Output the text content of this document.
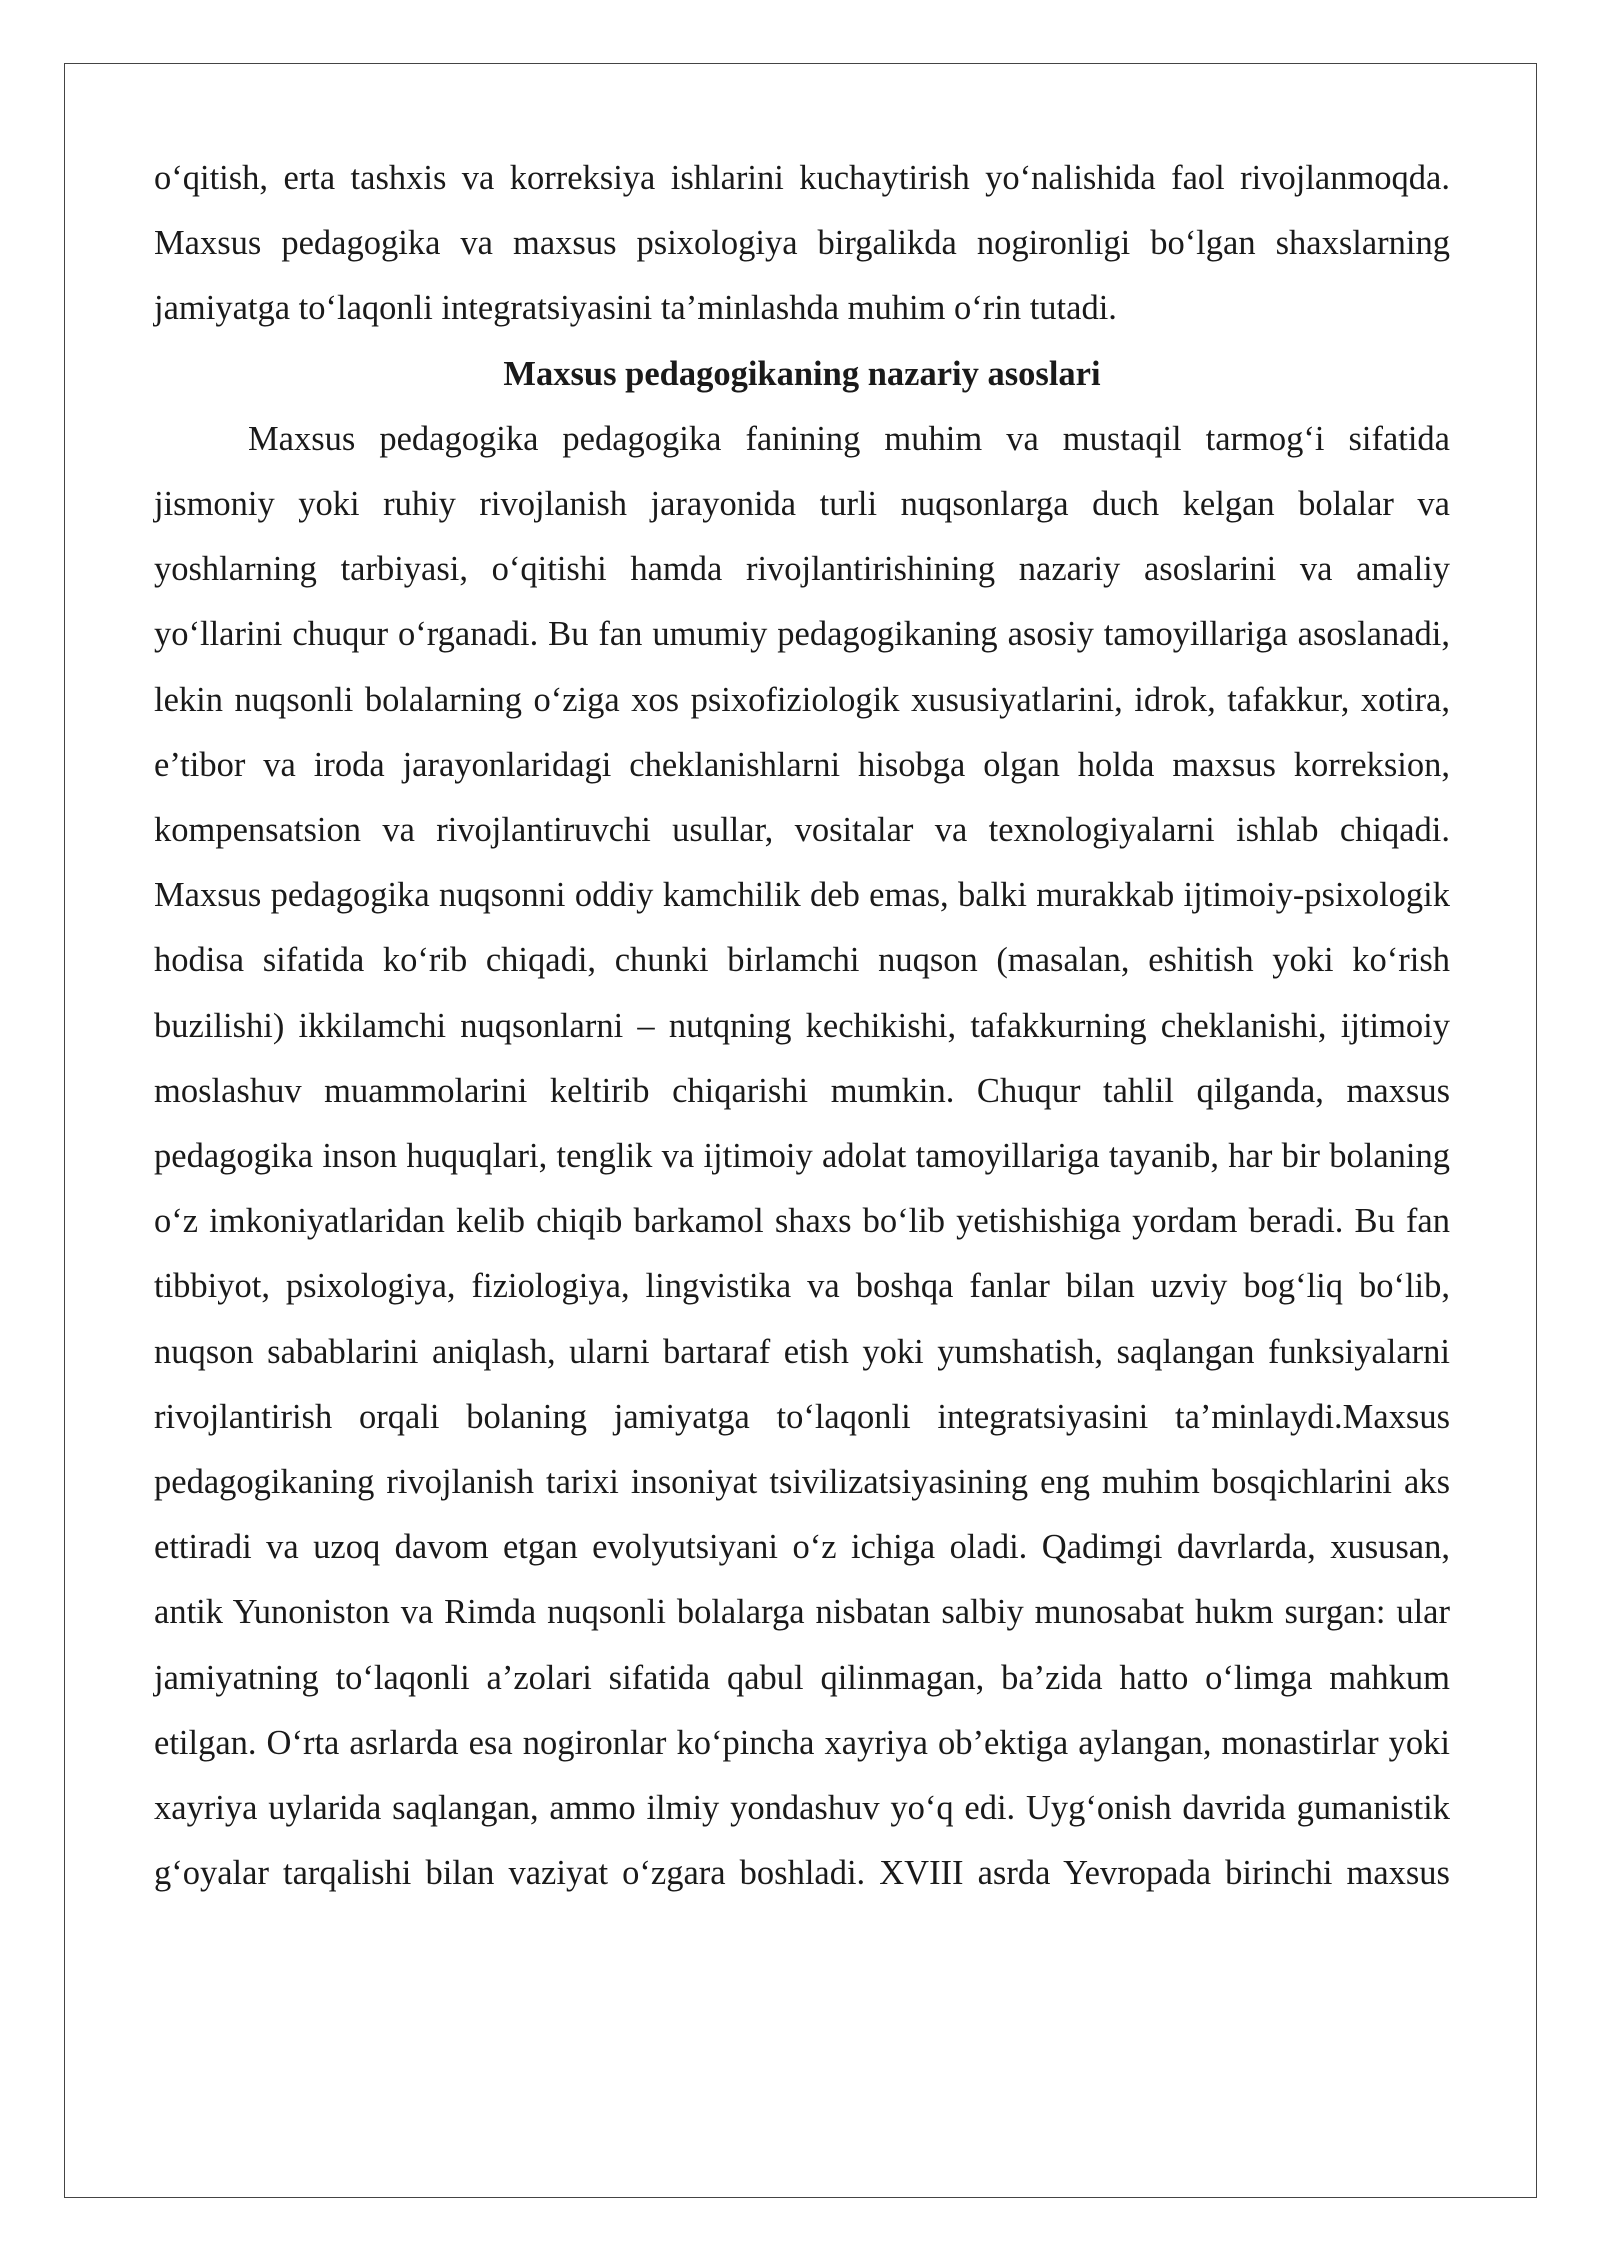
o‘qitish, erta tashxis va korreksiya ishlarini kuchaytirish yo‘nalishida faol rivojlanmoqda. Maxsus pedagogika va maxsus psixologiya birgalikda nogironligi bo‘lgan shaxslarning jamiyatga to‘laqonli integratsiyasini ta’minlashda muhim o‘rin tutadi.

Maxsus pedagogikaning nazariy asoslari

Maxsus pedagogika pedagogika fanining muhim va mustaqil tarmog‘i sifatida jismoniy yoki ruhiy rivojlanish jarayonida turli nuqsonlarga duch kelgan bolalar va yoshlarning tarbiyasi, o‘qitishi hamda rivojlantirishining nazariy asoslarini va amaliy yo‘llarini chuqur o‘rganadi. Bu fan umumiy pedagogikaning asosiy tamoyillariga asoslanadi, lekin nuqsonli bolalarning o‘ziga xos psixofiziologik xususiyatlarini, idrok, tafakkur, xotira, e’tibor va iroda jarayonlaridagi cheklanishlarni hisobga olgan holda maxsus korreksion, kompensatsion va rivojlantiruvchi usullar, vositalar va texnologiyalarni ishlab chiqadi. Maxsus pedagogika nuqsonni oddiy kamchilik deb emas, balki murakkab ijtimoiy-psixologik hodisa sifatida ko‘rib chiqadi, chunki birlamchi nuqson (masalan, eshitish yoki ko‘rish buzilishi) ikkilamchi nuqsonlarni – nutqning kechikishi, tafakkurning cheklanishi, ijtimoiy moslashuv muammolarini keltirib chiqarishi mumkin. Chuqur tahlil qilganda, maxsus pedagogika inson huquqlari, tenglik va ijtimoiy adolat tamoyillariga tayanib, har bir bolaning o‘z imkoniyatlaridan kelib chiqib barkamol shaxs bo‘lib yetishishiga yordam beradi. Bu fan tibbiyot, psixologiya, fiziologiya, lingvistika va boshqa fanlar bilan uzviy bog‘liq bo‘lib, nuqson sabablarini aniqlash, ularni bartaraf etish yoki yumshatish, saqlangan funksiyalarni rivojlantirish orqali bolaning jamiyatga to‘laqonli integratsiyasini ta’minlaydi.Maxsus pedagogikaning rivojlanish tarixi insoniyat tsivilizatsiyasining eng muhim bosqichlarini aks ettiradi va uzoq davom etgan evolyutsiyani o‘z ichiga oladi. Qadimgi davrlarda, xususan, antik Yunoniston va Rimda nuqsonli bolalarga nisbatan salbiy munosabat hukm surgan: ular jamiyatning to‘laqonli a’zolari sifatida qabul qilinmagan, ba’zida hatto o‘limga mahkum etilgan. O‘rta asrlarda esa nogironlar ko‘pincha xayriya ob’ektiga aylangan, monastirlar yoki xayriya uylarida saqlangan, ammo ilmiy yondashuv yo‘q edi. Uyg‘onish davrida gumanistik g‘oyalar tarqalishi bilan vaziyat o‘zgara boshladi. XVIII asrda Yevropada birinchi maxsus
